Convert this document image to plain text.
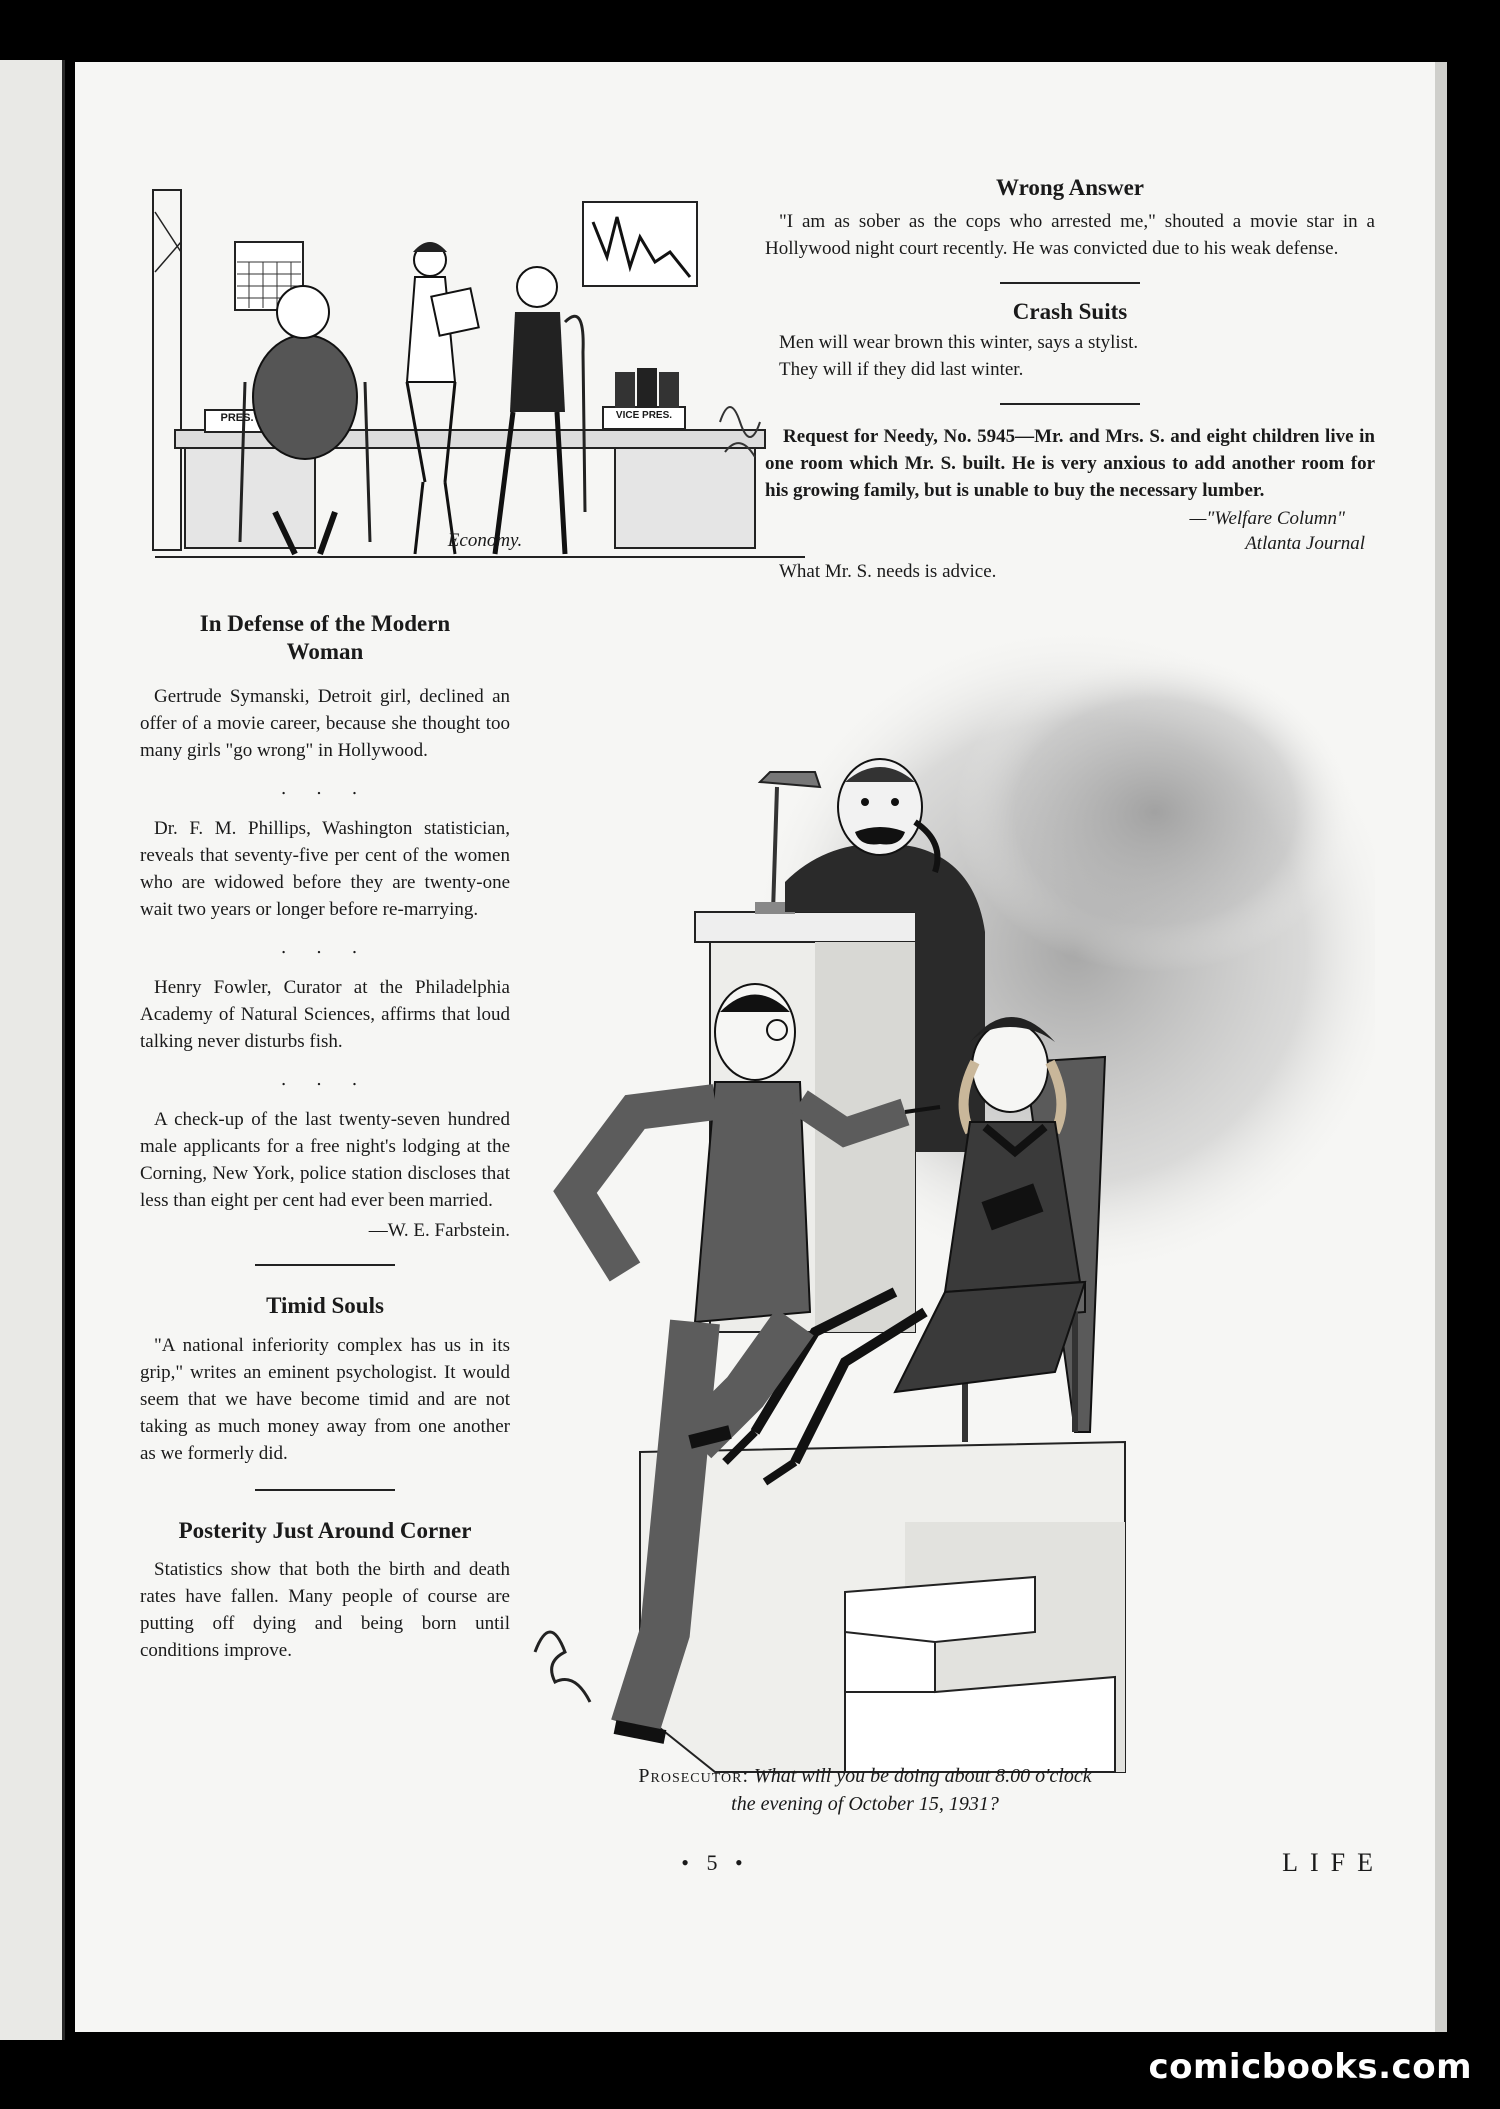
PRES.	VICE PRES.
Economy.
Wrong Answer

"I am as sober as the cops who arrested me," shouted a movie star in a Hollywood night court recently. He was convicted due to his weak defense.

Crash Suits

Men will wear brown this winter, says a stylist.

They will if they did last winter.

Request for Needy, No. 5945—Mr. and Mrs. S. and eight children live in one room which Mr. S. built. He is very anxious to add another room for his growing family, but is unable to buy the necessary lumber.

—"Welfare Column"
Atlanta Journal

What Mr. S. needs is advice.

In Defense of the Modern Woman

Gertrude Symanski, Detroit girl, declined an offer of a movie career, because she thought too many girls "go wrong" in Hollywood.

. . .

Dr. F. M. Phillips, Washington statistician, reveals that seventy-five per cent of the women who are widowed before they are twenty-one wait two years or longer before re-marrying.

. . .

Henry Fowler, Curator at the Philadelphia Academy of Natural Sciences, affirms that loud talking never disturbs fish.

. . .

A check-up of the last twenty-seven hundred male applicants for a free night's lodging at the Corning, New York, police station discloses that less than eight per cent had ever been married.

—W. E. Farbstein.
Timid Souls

"A national inferiority complex has us in its grip," writes an eminent psychologist. It would seem that we have become timid and are not taking as much money away from one another as we formerly did.

Posterity Just Around Corner

Statistics show that both the birth and death rates have fallen. Many people of course are putting off dying and being born until conditions improve.

Prosecutor: What will you be doing about 8.00 o'clock
the evening of October 15, 1931?
• 5 •	LIFE
comicbooks.com
